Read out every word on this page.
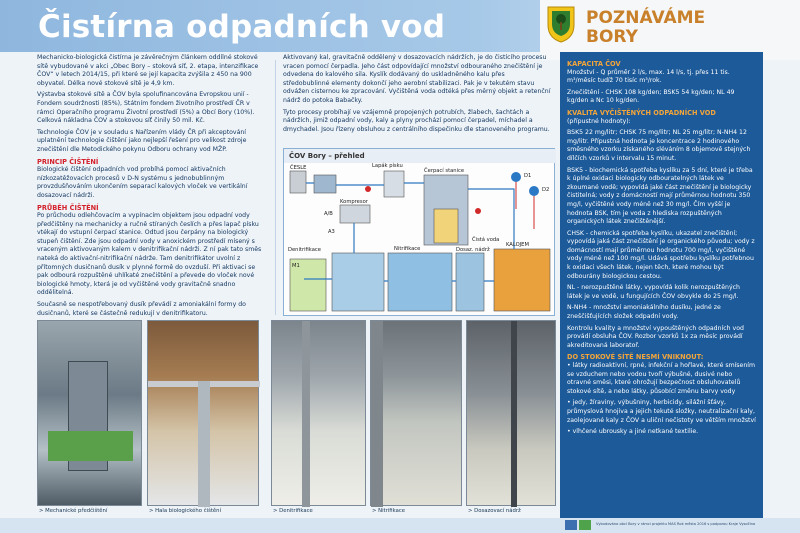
Čistírna odpadních vod	POZNÁVÁME
BORY

Mechanicko-biologická čistírna je závěrečným článkem oddílné stokové sítě vybudované v akci „Obec Bory – stoková síť, 2. etapa, intenzifikace ČOV“ v letech 2014/15, při které se její kapacita zvýšila z 450 na 900 obyvatel. Délka nové stokové sítě je 4,9 km.

Výstavba stokové sítě a ČOV byla spolufinancována Evropskou unií - Fondem soudržnosti (85%), Státním fondem životního prostředí ČR v rámci Operačního programu Životní prostředí (5%) a Obcí Bory (10%). Celková nákladna ČOV a stokovou síť činily 50 mil. Kč.

Technologie ČOV je v souladu s Nařízením vlády ČR při akceptování uplatnění technologie čištění jako nejlepší řešení pro velikost zdroje znečištění dle Metodického pokynu Odboru ochrany vod MŽP.

PRINCIP ČIŠTĚNÍ

Biologické čištění odpadních vod probíhá pomocí aktivačních nízkozatěžovacích procesů v D-N systému s jednobublinným provzdušňováním ukončením separací kalových vloček ve vertikální dosazovací nádrži.

PRŮBĚH ČIŠTĚNÍ

Po průchodu odlehčovacím a vypínacím objektem jsou odpadní vody předčištěny na mechanicky a ručně stíraných česlích a přes lapač písku vtékají do vstupní čerpací stanice. Odtud jsou čerpány na biologický stupeň čištění. Zde jsou odpadní vody v anoxickém prostředí mísený s vraceným aktivovaným kalem v denitrifikační nádrži. Z ní pak tato směs nateká do aktivační-nitrifikační nádrže. Tam denitrifikátor uvolní z přítomných dusičnanů dusík v plynné formě do ovzduší. Při aktivaci se pak odbourá rozpuštěné uhlíkaté znečištění a převede do vloček nové biologické hmoty, která je od vyčištěné vody gravitačně snadno oddělitelná.

Současně se nespotřebovaný dusík převádí z amoniakální formy do dusičnanů, které se částečně redukují v denitrifikatoru.

Aktivovaný kal, gravitačně oddělený v dosazovacích nádržích, je do čistícího procesu vracen pomocí čerpadla. Jeho část odpovídající množství odbouraného znečištění je odvedena do kalového sila. Kyslík dodávaný do uskladněného kalu přes středobublinné elementy dokončí jeho aerobní stabilizaci. Pak je v tekutém stavu odvážen cisternou ke zpracování. Vyčištěná voda odtéká přes měrný objekt a retenční nádrž do potoka Babačky.

Tyto procesy probíhají ve vzájemně propojených potrubích, žlabech, šachtách a nádržích, jimiž odpadní vody, kaly a plyny prochází pomocí čerpadel, míchadel a dmychadel. Jsou řízeny obsluhou z centrálního dispečinku dle stanoveného programu.

ČOV Bory – přehled
ČESLE	Lapák písku
Čerpací stanice
Kompresor
Denitrifikace	Nitrifikace
KALOJEM
Dosaz. nádrž
Čistá voda
D1
D2
M1
A/B
A3
KAPACITA ČOV

Množství - Q průměr 2 l/s, max. 14 l/s, tj. přes 11 tis. m³/měsíc tudíž 70 tisíc m³/rok.

Znečištění - CHSK 108 kg/den; BSK5 54 kg/den; NL 49 kg/den a Nc 10 kg/den.

KVALITA VYČIŠTĚNÝCH ODPADNÍCH VOD

(přípustné hodnoty):

BSK5 22 mg/litr; CHSK 75 mg/litr; NL 25 mg/litr; N-NH4 12 mg/litr. Přípustná hodnota je koncentrace 2 hodinového směsného vzorku získaného sléváním 8 objemově stejných dílčích vzorků v intervalu 15 minut.

BSK5 - biochemická spotřeba kyslíku za 5 dní, které je třeba k úplné oxidaci biologicky odbouratelných látek ve zkoumané vodě; vypovídá jaké část znečištění je biologicky čistitelná; vody z domácností mají průměrnou hodnotu 350 mg/l, vyčištěné vody méně než 30 mg/l. Čím vyšší je hodnota BSK, tím je voda z hlediska rozpuštěných organických látek znečištěnější.

CHSK - chemická spotřeba kyslíku, ukazatel znečištění; vypovídá jaká část znečištění je organického původu; vody z domácností mají průměrnou hodnotu 700 mg/l, vyčištěné vody méně než 100 mg/l. Udává spotřebu kyslíku potřebnou k oxidaci všech látek, nejen těch, které mohou být odbourány biologickou cestou.

NL - nerozpuštěné látky, vypovídá kolik nerozpuštěných látek je ve vodě, u fungujících ČOV obvykle do 25 mg/l.

N-NH4 - množství amoniakálního dusíku, jedné ze zneščišťujících složek odpadní vody.

Kontrolu kvality a množství vypouštěných odpadních vod provádí obsluha ČOV. Rozbor vzorků 1x za měsíc provádí akreditovaná laboratoř.

DO STOKOVÉ SÍTĚ NESMÍ VNIKNOUT:

• látky radioaktivní, rpné, infekční a hořlavé, které smísením se vzduchem nebo vodou tvoří výbušné, dusivé nebo otravné směsi, které ohrožují bezpečnost obsluhovatelů stokové sítě, a nebo látky, působící změnu barvy vody

• jedy, žíraviny, výbušniny, herbicidy, silážní šťávy, průmyslová hnojiva a jejich tekuté složky, neutralizační kaly, zaolejované kaly z ČOV a uliční nečistoty ve větším množství

• vlhčené ubrousky a jiné netkané textilie.

> Mechanické předčištění	> Hala biologického čištění	> Denitrifikace	> Nitrifikace	> Dosazovací nádrž
Vybudováno obcí Bory v rámci projektu MAS Rok města 2016 s podporou Kraje Vysočina
